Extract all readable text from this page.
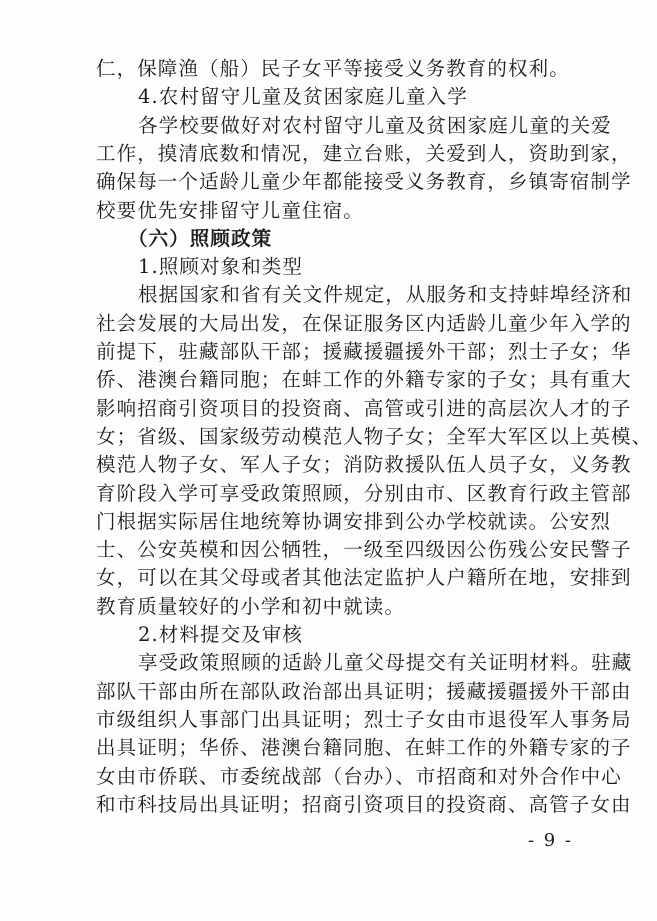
仁，保障渔（船）民子女平等接受义务教育的权利。
4.农村留守儿童及贫困家庭儿童入学
各学校要做好对农村留守儿童及贫困家庭儿童的关爱
工作，摸清底数和情况，建立台账，关爱到人，资助到家，
确保每一个适龄儿童少年都能接受义务教育，乡镇寄宿制学
校要优先安排留守儿童住宿。
（六）照顾政策
1.照顾对象和类型
根据国家和省有关文件规定，从服务和支持蚌埠经济和
社会发展的大局出发，在保证服务区内适龄儿童少年入学的
前提下，驻藏部队干部；援藏援疆援外干部；烈士子女；华
侨、港澳台籍同胞；在蚌工作的外籍专家的子女；具有重大
影响招商引资项目的投资商、高管或引进的高层次人才的子
女；省级、国家级劳动模范人物子女；全军大军区以上英模、
模范人物子女、军人子女；消防救援队伍人员子女，义务教
育阶段入学可享受政策照顾，分别由市、区教育行政主管部
门根据实际居住地统筹协调安排到公办学校就读。公安烈
士、公安英模和因公牺牲，一级至四级因公伤残公安民警子
女，可以在其父母或者其他法定监护人户籍所在地，安排到
教育质量较好的小学和初中就读。
2.材料提交及审核
享受政策照顾的适龄儿童父母提交有关证明材料。驻藏
部队干部由所在部队政治部出具证明；援藏援疆援外干部由
市级组织人事部门出具证明；烈士子女由市退役军人事务局
出具证明；华侨、港澳台籍同胞、在蚌工作的外籍专家的子
女由市侨联、市委统战部（台办）、市招商和对外合作中心
和市科技局出具证明；招商引资项目的投资商、高管子女由
- 9 -
